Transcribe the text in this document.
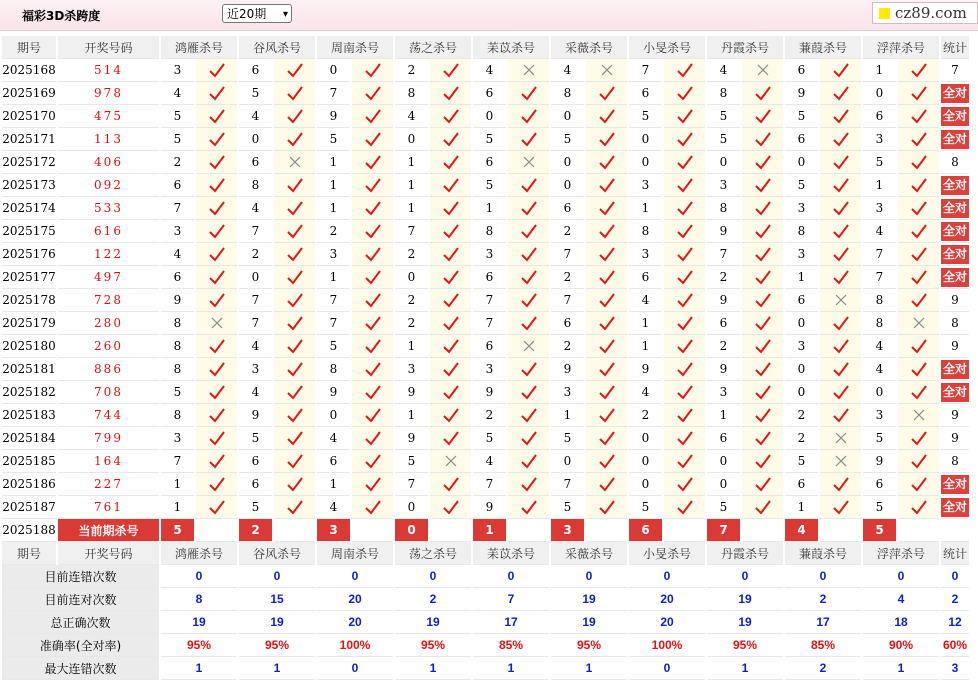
福彩3D杀跨度	近20期 ▾	cz89.com
期号	开奖号码	鸿雁杀号		谷风杀号		周南杀号		荡之杀号		苿苡杀号		采薇杀号		小旻杀号		丹霞杀号		蒹葭杀号		浮萍杀号		统计
2025168	514	3		6		0		2		4		4		7		4		6		1		7
2025169	978	4		5		7		8		6		8		6		8		9		0		全对
2025170	475	5		4		9		4		0		0		5		5		5		6		全对
2025171	113	5		0		5		0		5		5		0		5		6		3		全对
2025172	406	2		6		1		1		6		0		0		0		0		5		8
2025173	092	6		8		1		1		5		0		3		3		5		1		全对
2025174	533	7		4		1		1		1		6		1		8		3		3		全对
2025175	616	3		7		2		7		8		2		8		9		8		4		全对
2025176	122	4		2		3		2		3		7		3		7		3		7		全对
2025177	497	6		0		1		0		6		2		6		2		1		7		全对
2025178	728	9		7		7		2		7		7		4		9		6		8		9
2025179	280	8		7		7		2		7		6		1		6		0		8		8
2025180	260	8		4		5		1		6		2		1		2		3		4		9
2025181	886	8		3		8		3		3		9		9		9		0		4		全对
2025182	708	5		4		9		9		9		3		4		3		0		0		全对
2025183	744	8		9		0		1		2		1		2		1		2		3		9
2025184	799	3		5		4		9		5		5		0		6		2		5		9
2025185	164	7		6		6		5		4		0		0		0		5		9		8
2025186	227	1		6		1		7		7		7		0		0		6		6		全对
2025187	761	1		5		4		0		9		5		5		5		1		5		全对
2025188	当前期杀号	5		2		3		0		1		3		6		7		4		5		
期号	开奖号码	鸿雁杀号		谷风杀号		周南杀号		荡之杀号		苿苡杀号		采薇杀号		小旻杀号		丹霞杀号		蒹葭杀号		浮萍杀号		统计
目前连错次数		0		0		0		0		0		0		0		0		0		0		0
目前连对次数		8		15		20		2		7		19		20		19		2		4		2
总正确次数		19		19		20		19		17		19		20		19		17		18		12
准确率(全对率)		95%		95%		100%		95%		85%		95%		100%		95%		85%		90%		60%
最大连错次数		1		1		0		1		1		1		0		1		2		1		3
